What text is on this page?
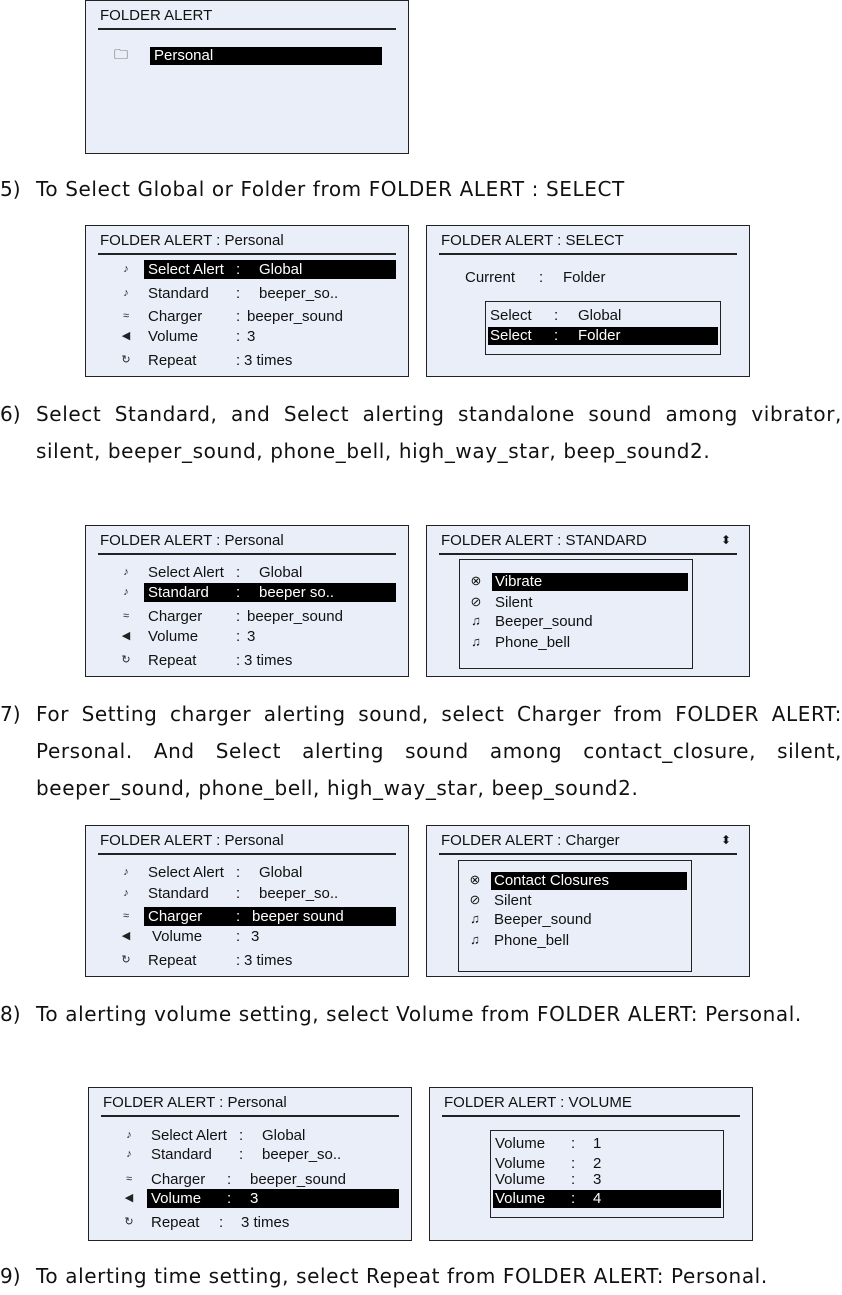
FOLDER ALERT
🗀 Personal
5) To Select Global or Folder from FOLDER ALERT : SELECT
FOLDER ALERT : Personal
♪	Select Alert : Global
♪	Standard : beeper_so..
≈	Charger : beeper_sound
◀ Volume	: 3
↻ Repeat	: 3 times
FOLDER ALERT : SELECT
Current : Folder
Select : Global
Select : Folder
6) Select Standard, and Select alerting standalone sound among vibrator, silent, beeper_sound, phone_bell, high_way_star, beep_sound2.
FOLDER ALERT : Personal
♪	Select Alert : Global
♪	Standard : beeper so..
≈	Charger : beeper_sound
◀ Volume	: 3
↻ Repeat	: 3 times
FOLDER ALERT : STANDARD	⬍
⊗ Vibrate
⊘ Silent
♫ Beeper_sound
♫ Phone_bell
7) For Setting charger alerting sound, select Charger from FOLDER ALERT: Personal. And Select alerting sound among contact_closure, silent, beeper_sound, phone_bell, high_way_star, beep_sound2.
FOLDER ALERT : Personal
♪	Select Alert : Global
♪	Standard : beeper_so..
≈	Charger : beeper sound
◀ Volume : 3
↻ Repeat	: 3 times
FOLDER ALERT : Charger	⬍
⊗ Contact Closures
⊘ Silent
♫ Beeper_sound
♫ Phone_bell
8) To alerting volume setting, select Volume from FOLDER ALERT: Personal.
FOLDER ALERT : Personal
♪	Select Alert : Global
♪	Standard : beeper_so..
≈	Charger : beeper_sound
◀ Volume : 3
↻ Repeat : 3 times
FOLDER ALERT : VOLUME
Volume : 1
Volume : 2
Volume : 3
Volume : 4
9) To alerting time setting, select Repeat from FOLDER ALERT: Personal.
